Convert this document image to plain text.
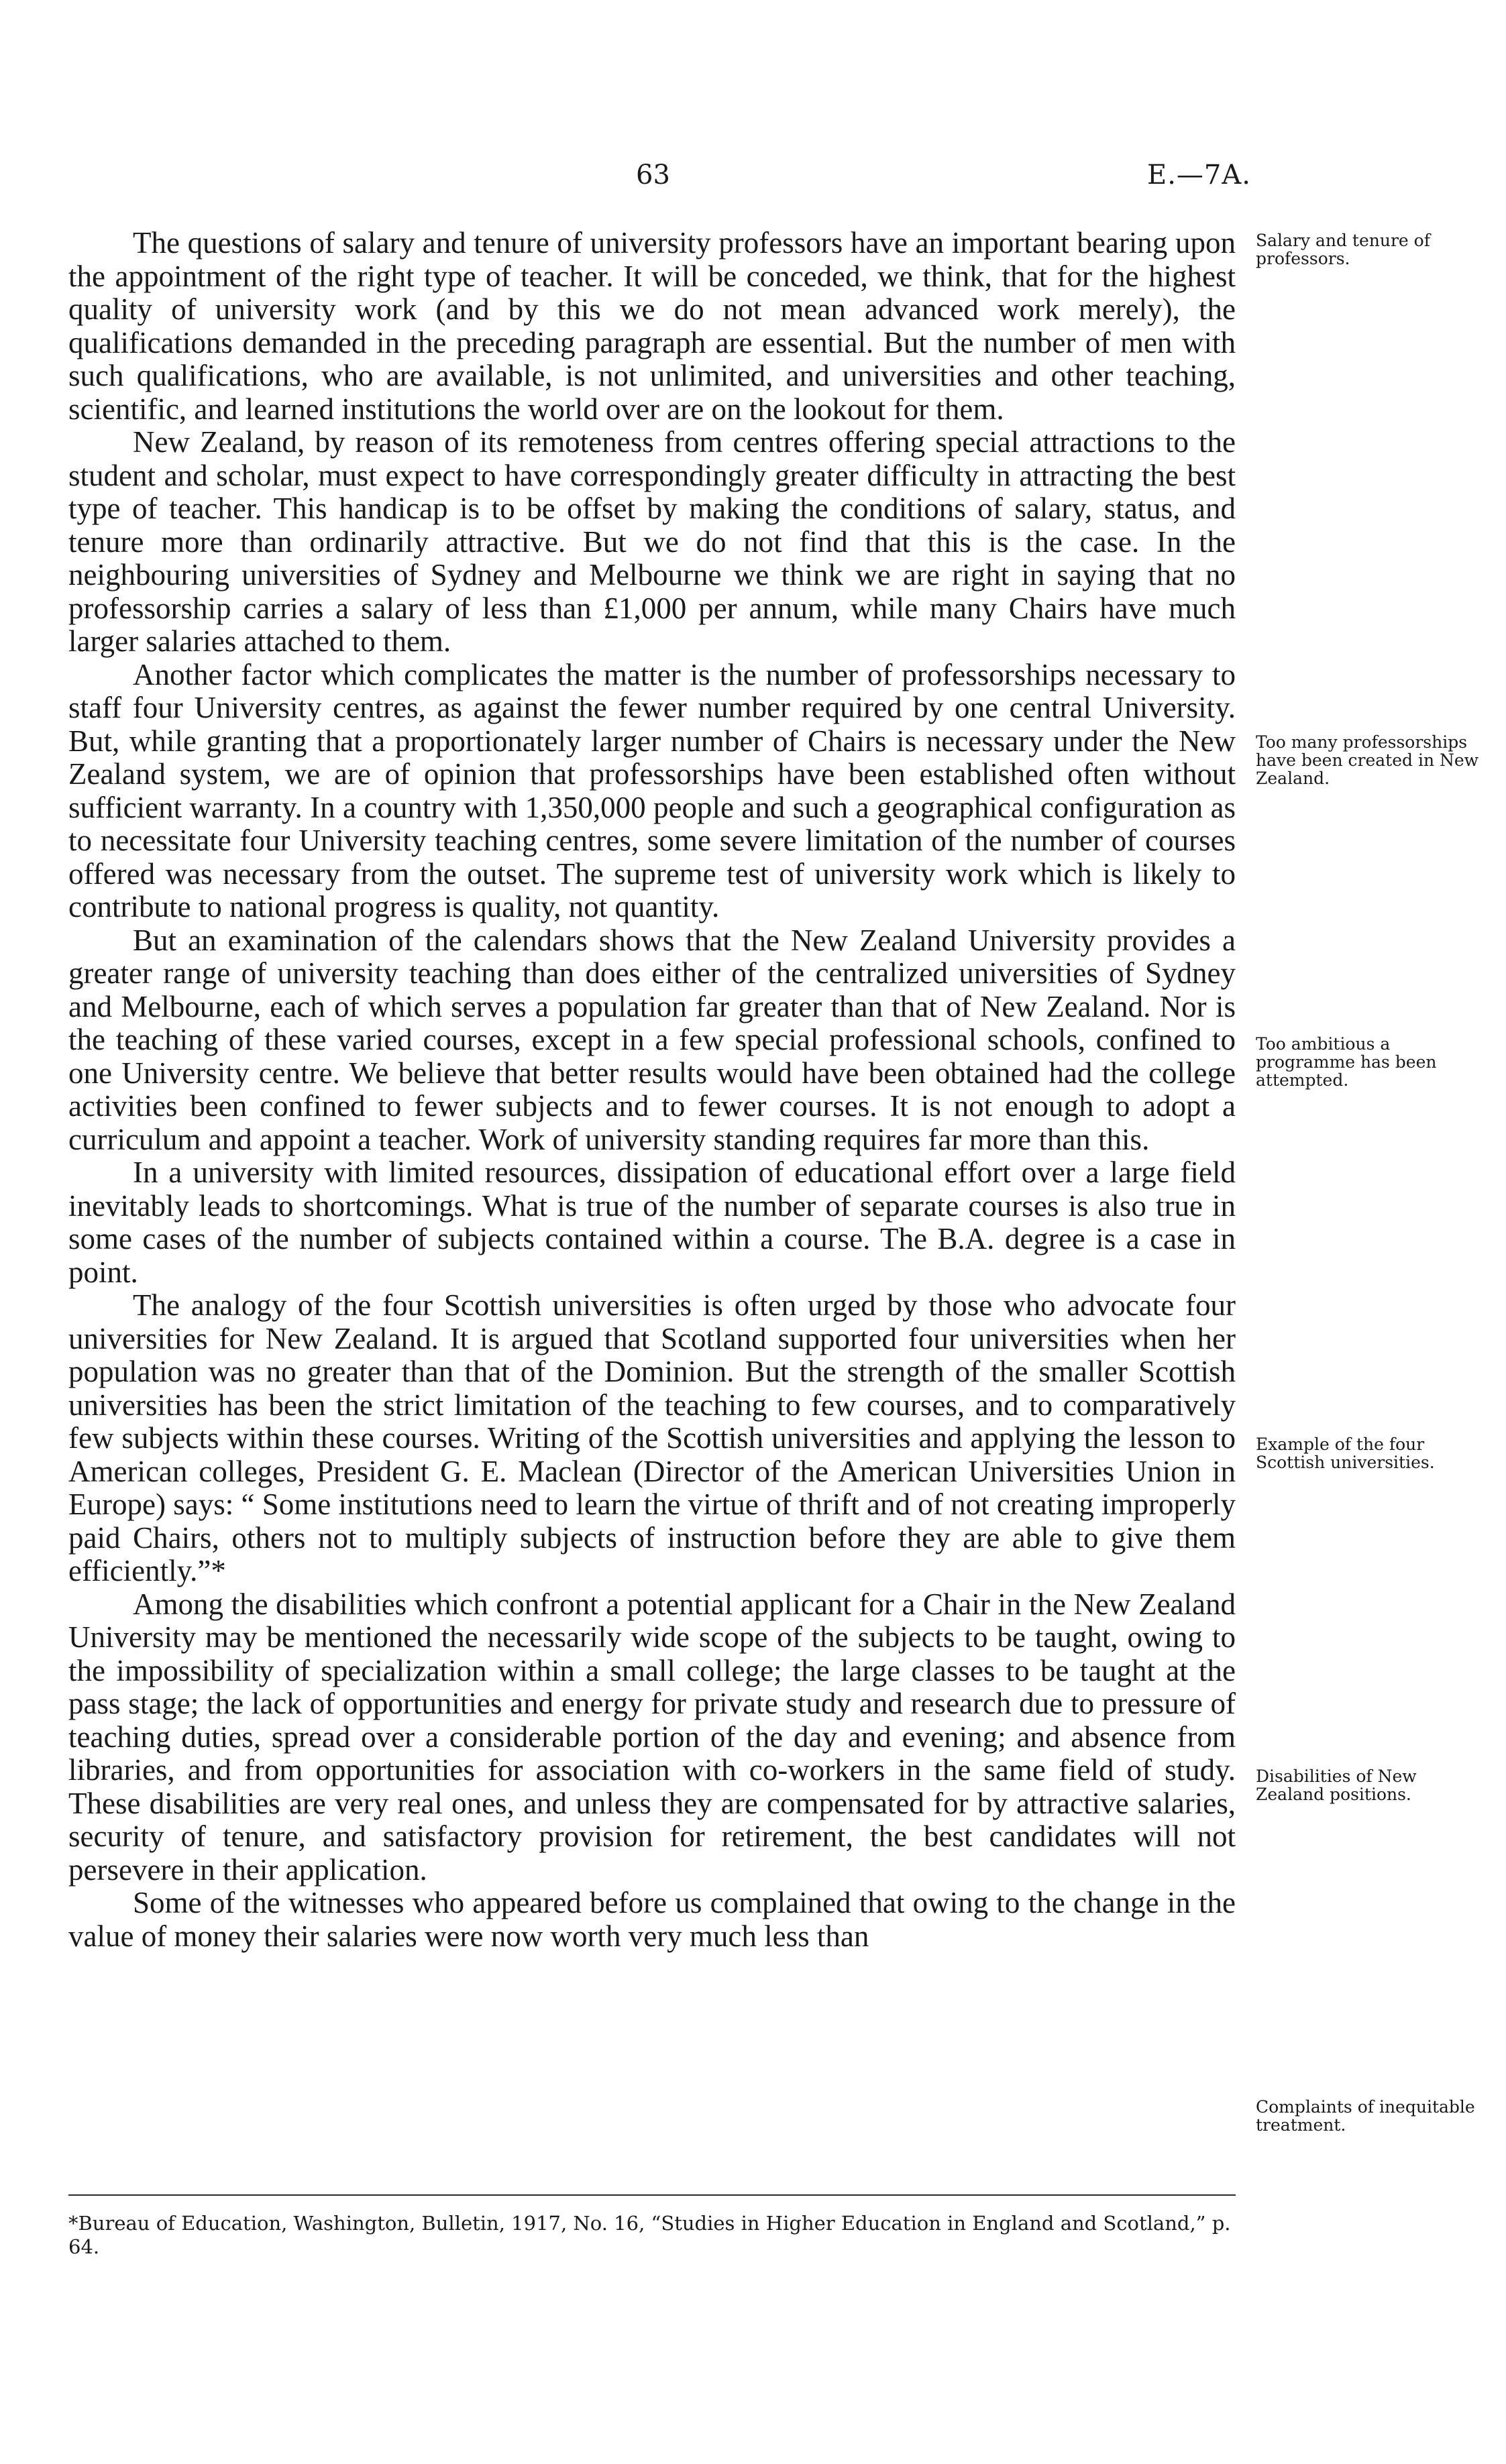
63	E.—7A.

The questions of salary and tenure of university professors have an important bearing upon the appointment of the right type of teacher. It will be conceded, we think, that for the highest quality of university work (and by this we do not mean advanced work merely), the qualifications demanded in the preceding paragraph are essential. But the number of men with such qualifications, who are available, is not unlimited, and universities and other teaching, scientific, and learned institutions the world over are on the lookout for them.

New Zealand, by reason of its remoteness from centres offering special attractions to the student and scholar, must expect to have correspondingly greater difficulty in attracting the best type of teacher. This handicap is to be offset by making the conditions of salary, status, and tenure more than ordinarily attractive. But we do not find that this is the case. In the neighbouring universities of Sydney and Melbourne we think we are right in saying that no professorship carries a salary of less than £1,000 per annum, while many Chairs have much larger salaries attached to them.

Another factor which complicates the matter is the number of professorships necessary to staff four University centres, as against the fewer number required by one central University. But, while granting that a proportionately larger number of Chairs is necessary under the New Zealand system, we are of opinion that professorships have been established often without sufficient warranty. In a country with 1,350,000 people and such a geographical configuration as to necessitate four University teaching centres, some severe limitation of the number of courses offered was necessary from the outset. The supreme test of university work which is likely to contribute to national progress is quality, not quantity.

But an examination of the calendars shows that the New Zealand University provides a greater range of university teaching than does either of the centralized universities of Sydney and Melbourne, each of which serves a population far greater than that of New Zealand. Nor is the teaching of these varied courses, except in a few special professional schools, confined to one University centre. We believe that better results would have been obtained had the college activities been confined to fewer subjects and to fewer courses. It is not enough to adopt a curriculum and appoint a teacher. Work of university standing requires far more than this.

In a university with limited resources, dissipation of educational effort over a large field inevitably leads to shortcomings. What is true of the number of separate courses is also true in some cases of the number of subjects contained within a course. The B.A. degree is a case in point.

The analogy of the four Scottish universities is often urged by those who advocate four universities for New Zealand. It is argued that Scotland supported four universities when her population was no greater than that of the Dominion. But the strength of the smaller Scottish universities has been the strict limitation of the teaching to few courses, and to comparatively few subjects within these courses. Writing of the Scottish universities and applying the lesson to American colleges, President G. E. Maclean (Director of the American Universities Union in Europe) says: “ Some institutions need to learn the virtue of thrift and of not creating improperly paid Chairs, others not to multiply subjects of instruction before they are able to give them efficiently.”*

Among the disabilities which confront a potential applicant for a Chair in the New Zealand University may be mentioned the necessarily wide scope of the subjects to be taught, owing to the impossibility of specialization within a small college; the large classes to be taught at the pass stage; the lack of opportunities and energy for private study and research due to pressure of teaching duties, spread over a considerable portion of the day and evening; and absence from libraries, and from opportunities for association with co-workers in the same field of study. These disabilities are very real ones, and unless they are compensated for by attractive salaries, security of tenure, and satisfactory provision for retirement, the best candidates will not persevere in their application.

Some of the witnesses who appeared before us complained that owing to the change in the value of money their salaries were now worth very much less than

Salary and tenure of professors.

Too many professorships have been created in New Zealand.

Too ambitious a programme has been attempted.

Example of the four Scottish universities.

Disabilities of New Zealand positions.

Complaints of inequitable treatment.

*Bureau of Education, Washington, Bulletin, 1917, No. 16, “Studies in Higher Education in England and Scotland,” p. 64.
